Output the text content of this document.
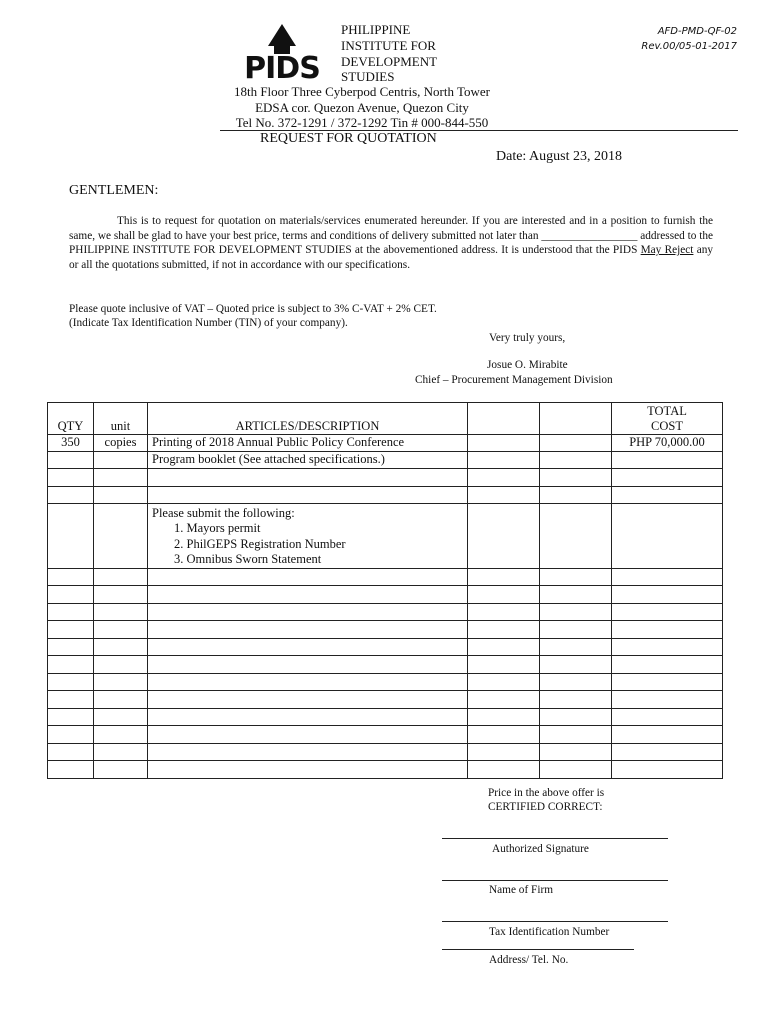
PIDS
PHILIPPINE
INSTITUTE FOR
DEVELOPMENT
STUDIES
18th Floor Three Cyberpod Centris, North Tower
EDSA cor. Quezon Avenue, Quezon City
Tel No. 372-1291 / 372-1292 Tin # 000-844-550
AFD-PMD-QF-02
Rev.00/05-01-2017
REQUEST FOR QUOTATION
Date: August 23, 2018
GENTLEMEN:
This is to request for quotation on materials/services enumerated hereunder. If you are interested and in a position to furnish the same, we shall be glad to have your best price, terms and conditions of delivery submitted not later than _________________ addressed to the PHILIPPINE INSTITUTE FOR DEVELOPMENT STUDIES at the abovementioned address. It is understood that the PIDS May Reject any or all the quotations submitted, if not in accordance with our specifications.
Please quote inclusive of VAT – Quoted price is subject to 3% C-VAT + 2% CET.
(Indicate Tax Identification Number (TIN) of your company).
Very truly yours,
Josue O. Mirabite
Chief – Procurement Management Division
QTY	unit	ARTICLES/DESCRIPTION			TOTAL
COST

350	copies	Printing of 2018 Annual Public Policy Conference			PHP 70,000.00
		Program booklet (See attached specifications.)			

		Please submit the following:
1. Mayors permit
2. PhilGEPS Registration Number
3. Omnibus Sworn Statement			

Price in the above offer is
CERTIFIED CORRECT:
Authorized Signature
Name of Firm
Tax Identification Number
Address/ Tel. No.
